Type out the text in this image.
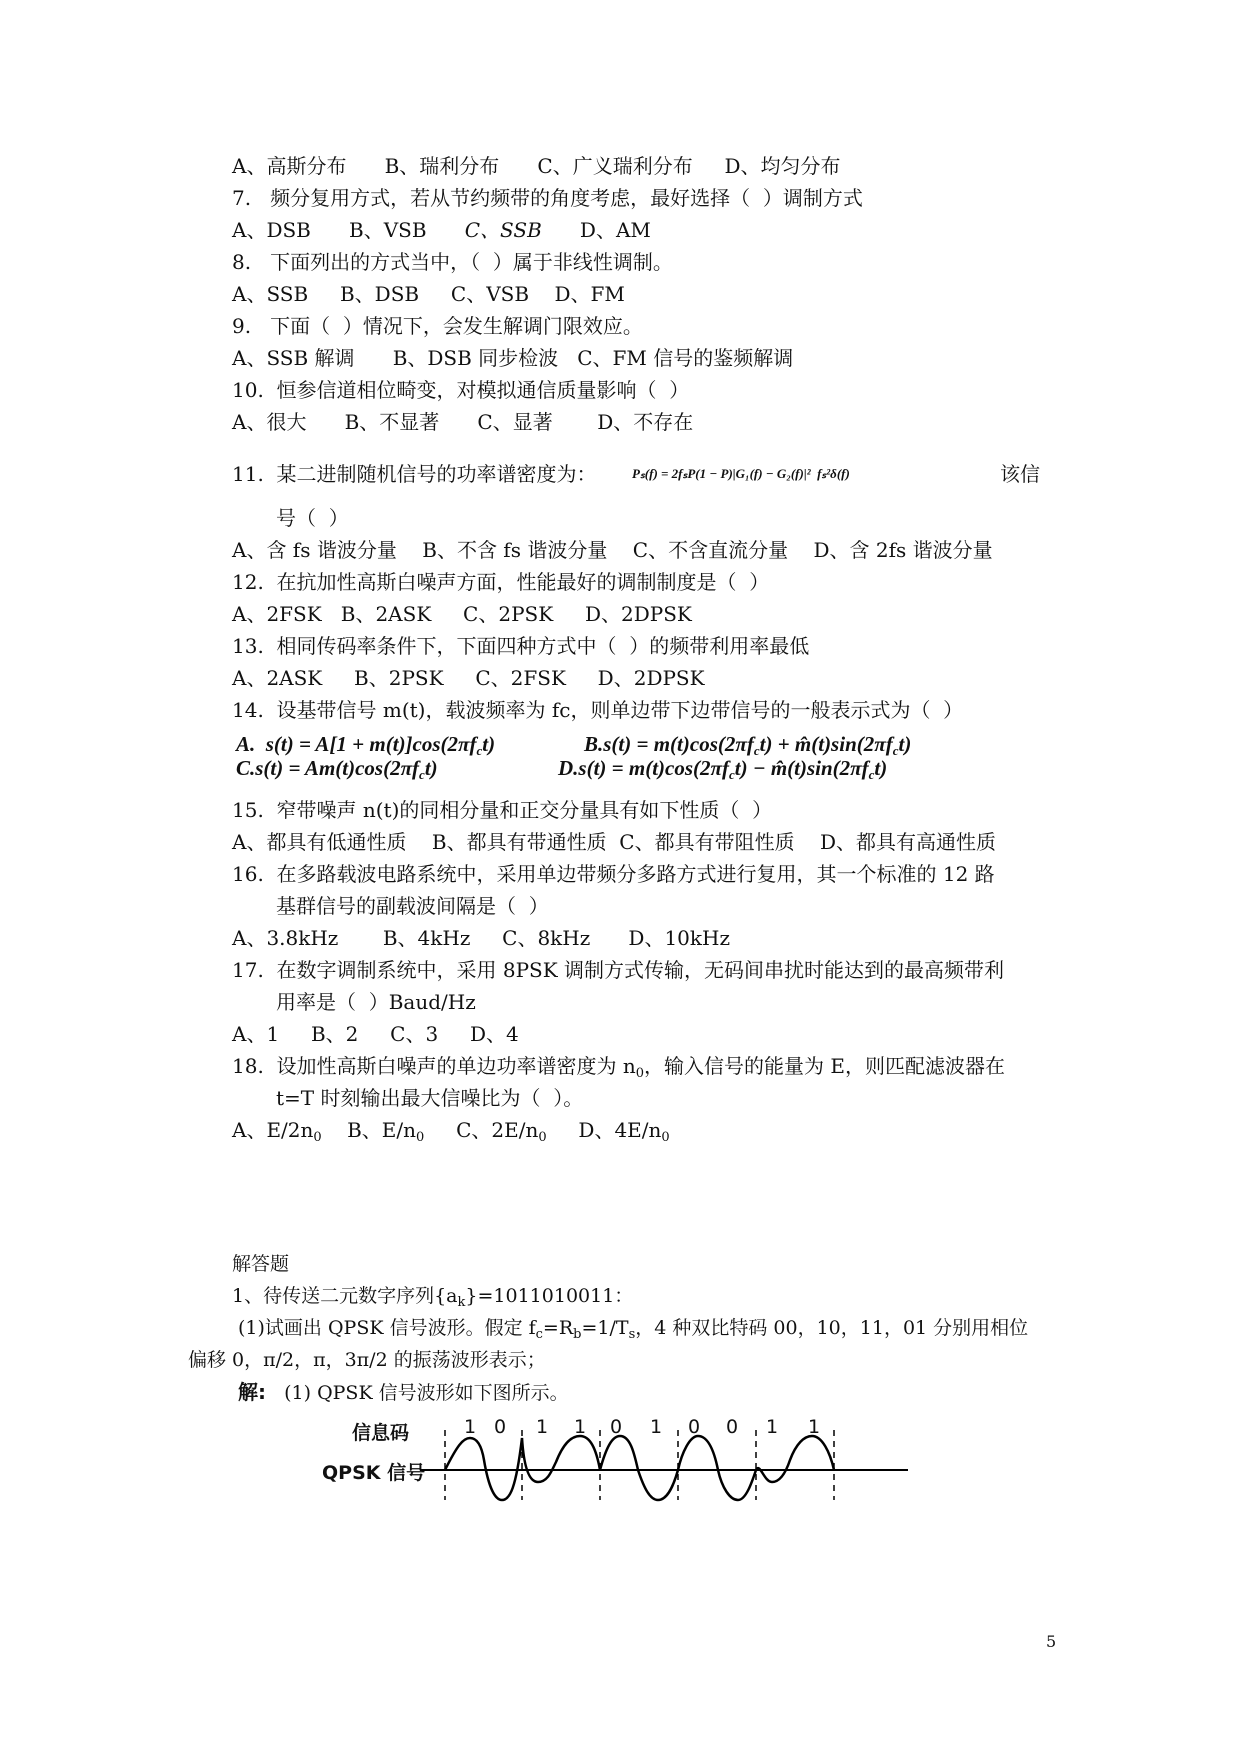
A、高斯分布      B、瑞利分布      C、广义瑞利分布     D、均匀分布
7.   频分复用方式，若从节约频带的角度考虑，最好选择（  ）调制方式
A、DSB      B、VSB      C、SSB      D、AM
8.   下面列出的方式当中，（  ）属于非线性调制。
A、SSB     B、DSB     C、VSB    D、FM
9.   下面（  ）情况下，会发生解调门限效应。
A、SSB 解调      B、DSB 同步检波   C、FM 信号的鉴频解调
10.  恒参信道相位畸变，对模拟通信质量影响（  ）
A、很大      B、不显著      C、显著       D、不存在
11.  某二进制随机信号的功率谱密度为：	Pₛ(f) = 2fₛP(1 − P)|G₁(f) − G₂(f)|²  fₛ²δ(f)	该信
号（  ）
A、含 fs 谐波分量    B、不含 fs 谐波分量    C、不含直流分量    D、含 2fs 谐波分量
12.  在抗加性高斯白噪声方面，性能最好的调制制度是（  ）
A、2FSK   B、2ASK     C、2PSK     D、2DPSK
13.  相同传码率条件下，下面四种方式中（  ）的频带利用率最低
A、2ASK     B、2PSK     C、2FSK     D、2DPSK
14.  设基带信号 m(t)，载波频率为 fc，则单边带下边带信号的一般表示式为（  ）
A.  $s(t) = A[1 + m(t)]\cos(2\pi f_ct)$	$B.s(t) = m(t)\cos(2\pi f_ct)$ + $m̂(t)\sin(2\pi f_ct)$
$C.s(t) = Am(t)\cos(2\pi f_ct)$	$D.s(t) = m(t)\cos(2\pi f_ct)$ − $m̂(t)\sin(2\pi f_ct)$
15.  窄带噪声 n(t)的同相分量和正交分量具有如下性质（  ）
A、都具有低通性质    B、都具有带通性质  C、都具有带阻性质    D、都具有高通性质
16.  在多路载波电路系统中，采用单边带频分多路方式进行复用，其一个标准的 12 路
基群信号的副载波间隔是（  ）
A、3.8kHz       B、4kHz     C、8kHz      D、10kHz
17.  在数字调制系统中，采用 8PSK 调制方式传输，无码间串扰时能达到的最高频带利
用率是（  ）Baud/Hz
A、1     B、2     C、3     D、4
18.  设加性高斯白噪声的单边功率谱密度为 $n_0$，输入信号的能量为 E，则匹配滤波器在
t=T 时刻输出最大信噪比为（  ）。
A、$E/2n_0$    B、$E/n_0$     C、$2E/n_0$     D、$4E/n_0$
解答题
1、待传送二元数字序列$\{a_k\}=1011010011$：
(1)试画出 QPSK 信号波形。假定 $f_c=R_b=1/T_s$，4 种双比特码 00，10，11，01 分别用相位
偏移 0，π/2，π，3π/2 的振荡波形表示；
解:   (1) QPSK 信号波形如下图所示。
信息码
QPSK 信号
1 0 1 1 0 1 0 0 1 1
5
